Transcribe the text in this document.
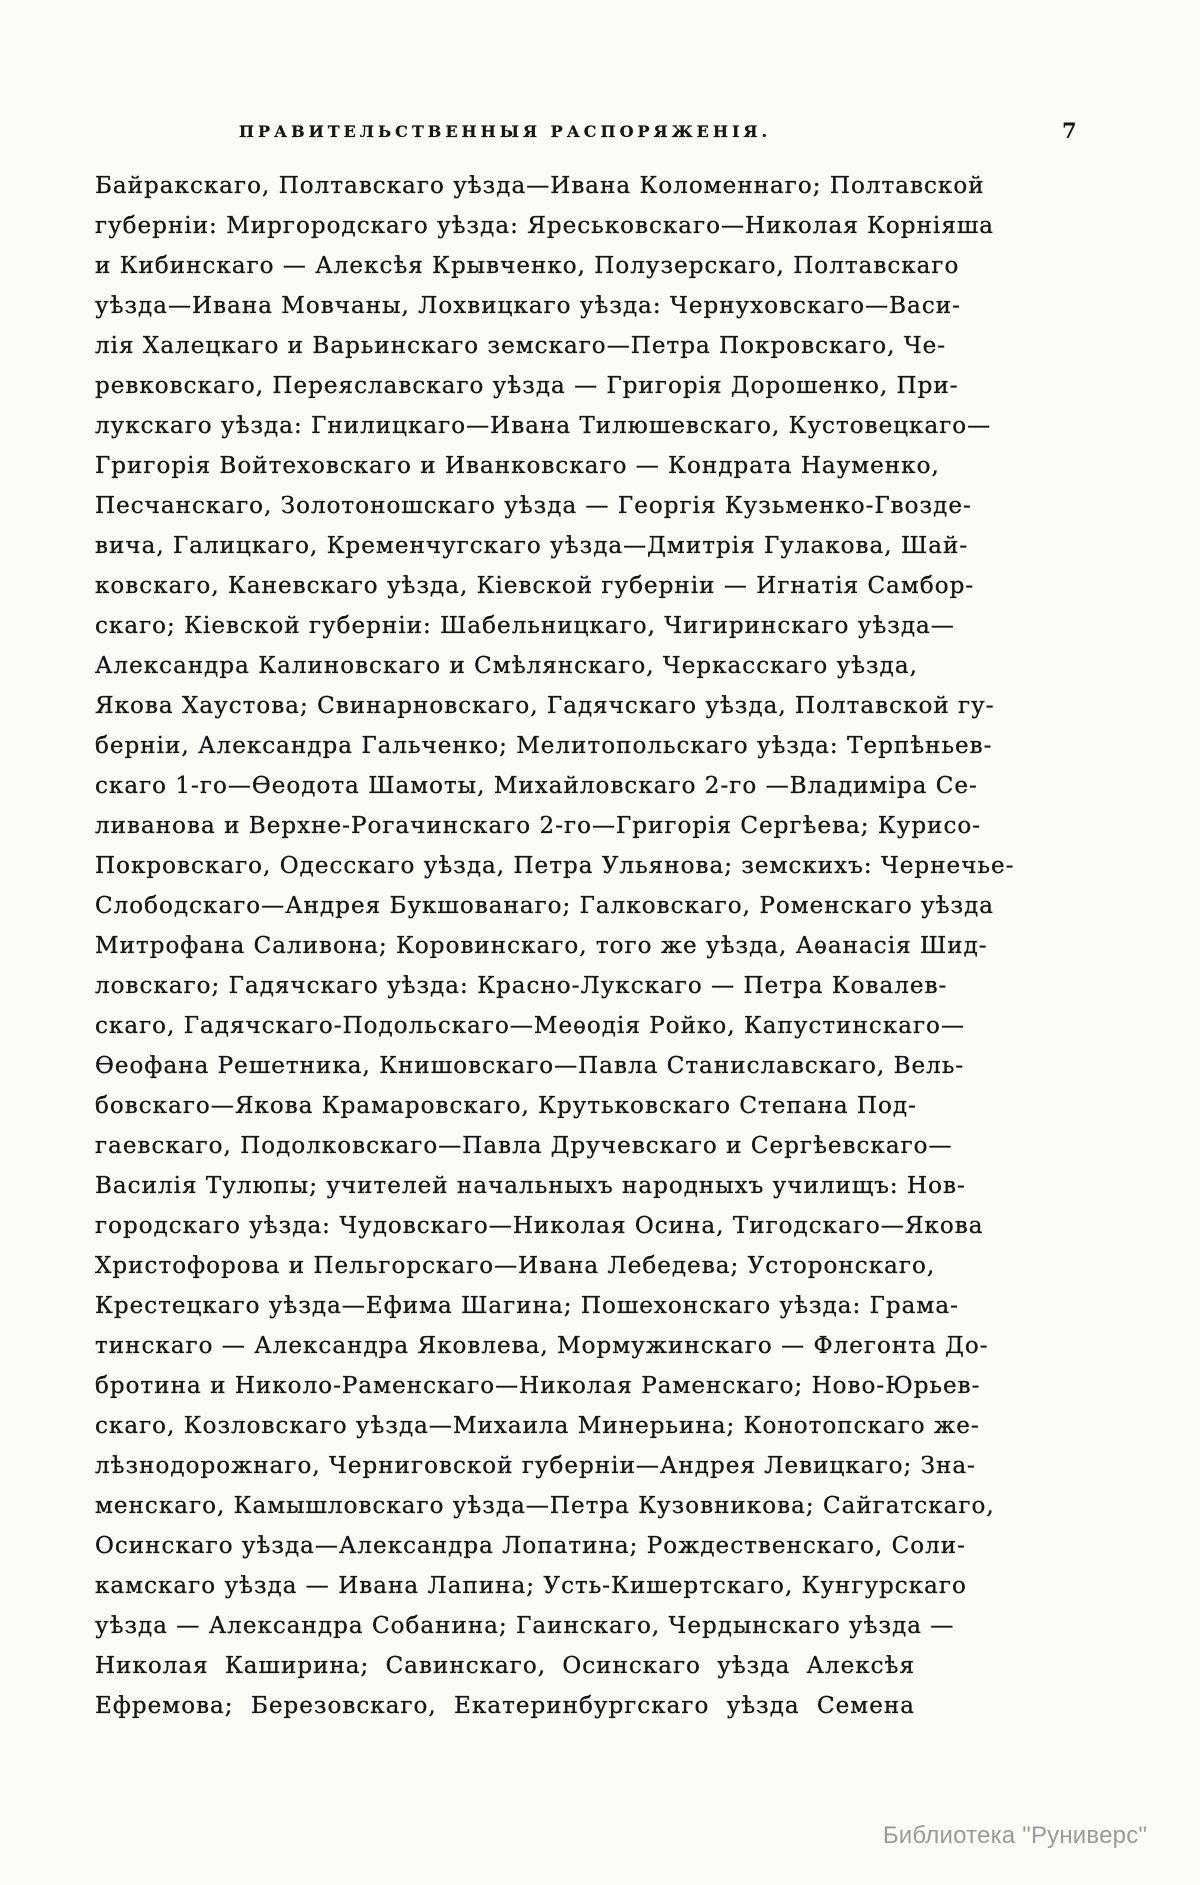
ПРАВИТЕЛЬСТВЕННЫЯ РАСПОРЯЖЕНІЯ.	7
Байракскаго, Полтавскаго уѣзда—Ивана Коломеннаго; Полтавской
губерніи: Миргородскаго уѣзда: Яреськовскаго—Николая Корніяша
и Кибинскаго — Алексѣя Крывченко, Полузерскаго, Полтавскаго
уѣзда—Ивана Мовчаны, Лохвицкаго уѣзда: Чернуховскаго—Васи-
лія Халецкаго и Варьинскаго земскаго—Петра Покровскаго, Че-
ревковскаго, Переяславскаго уѣзда — Григорія Дорошенко, При-
лукскаго уѣзда: Гнилицкаго—Ивана Тилюшевскаго, Кустовецкаго—
Григорія Войтеховскаго и Иванковскаго — Кондрата Науменко,
Песчанскаго, Золотоношскаго уѣзда — Георгія Кузьменко-Гвозде-
вича, Галицкаго, Кременчугскаго уѣзда—Дмитрія Гулакова, Шай-
ковскаго, Каневскаго уѣзда, Кіевской губерніи — Игнатія Самбор-
скаго; Кіевской губерніи: Шабельницкаго, Чигиринскаго уѣзда—
Александра Калиновскаго и Смѣлянскаго, Черкасскаго уѣзда,
Якова Хаустова; Свинарновскаго, Гадячскаго уѣзда, Полтавской гу-
берніи, Александра Гальченко; Мелитопольскаго уѣзда: Терпѣньев-
скаго 1-го—Ѳеодота Шамоты, Михайловскаго 2-го —Владиміра Се-
ливанова и Верхне-Рогачинскаго 2-го—Григорія Сергѣева; Курисо-
Покровскаго, Одесскаго уѣзда, Петра Ульянова; земскихъ: Чернечье-
Слободскаго—Андрея Букшованаго; Галковскаго, Роменскаго уѣзда
Митрофана Саливона; Коровинскаго, того же уѣзда, Аѳанасія Шид-
ловскаго; Гадячскаго уѣзда: Красно-Лукскаго — Петра Ковалев-
скаго, Гадячскаго-Подольскаго—Меѳодія Ройко, Капустинскаго—
Ѳеофана Решетника, Книшовскаго—Павла Станиславскаго, Вель-
бовскаго—Якова Крамаровскаго, Крутьковскаго Степана Под-
гаевскаго, Подолковскаго—Павла Дручевскаго и Сергѣевскаго—
Василія Тулюпы; учителей начальныхъ народныхъ училищъ: Нов-
городскаго уѣзда: Чудовскаго—Николая Осина, Тигодскаго—Якова
Христофорова и Пельгорскаго—Ивана Лебедева; Усторонскаго,
Крестецкаго уѣзда—Ефима Шагина; Пошехонскаго уѣзда: Грама-
тинскаго — Александра Яковлева, Мормужинскаго — Флегонта До-
бротина и Николо-Раменскаго—Николая Раменскаго; Ново-Юрьев-
скаго, Козловскаго уѣзда—Михаила Минерьина; Конотопскаго же-
лѣзнодорожнаго, Черниговской губерніи—Андрея Левицкаго; Зна-
менскаго, Камышловскаго уѣзда—Петра Кузовникова; Сайгатскаго,
Осинскаго уѣзда—Александра Лопатина; Рождественскаго, Соли-
камскаго уѣзда — Ивана Лапина; Усть-Кишертскаго, Кунгурскаго
уѣзда — Александра Собанина; Гаинскаго, Чердынскаго уѣзда —
Николая Каширина; Савинскаго, Осинскаго уѣзда Алексѣя
Ефремова; Березовскаго, Екатеринбургскаго уѣзда Семена
Библиотека "Руниверс"
